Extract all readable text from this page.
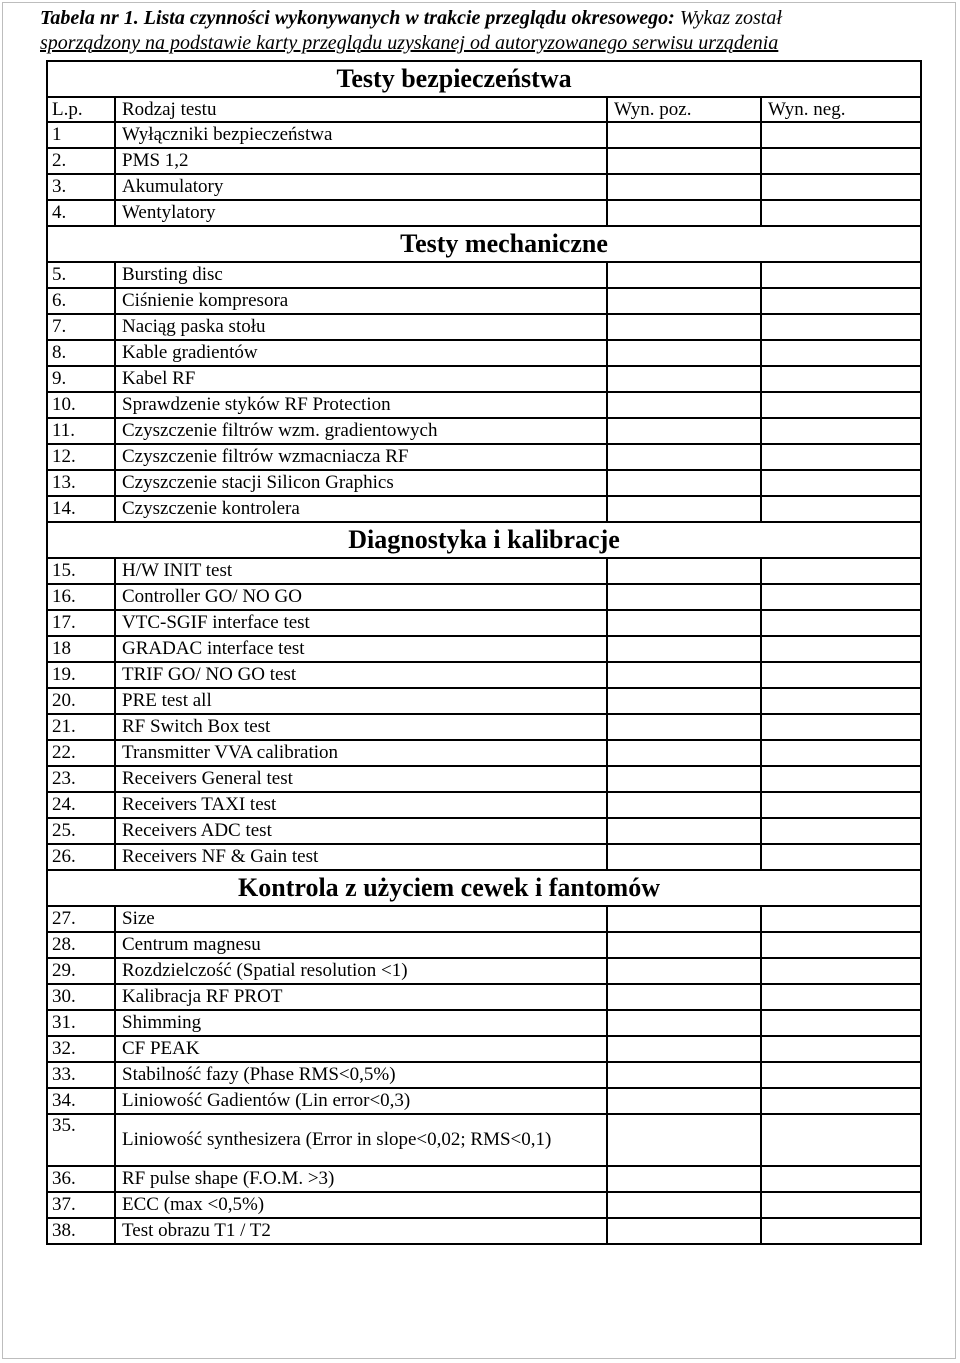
Tabela nr 1. Lista czynności wykonywanych w trakcie przeglądu okresowego: Wykaz został
sporządzony na podstawie karty przeglądu uzyskanej od autoryzowanego serwisu urządenia
Testy bezpieczeństwa			
L.p.	Rodzaj testu	Wyn. poz.	Wyn. neg.
1	Wyłączniki bezpieczeństwa		
2.	PMS 1,2		
3.	Akumulatory		
4.	Wentylatory		
Testy mechaniczne			
5.	Bursting disc		
6.	Ciśnienie kompresora		
7.	Naciąg paska stołu		
8.	Kable gradientów		
9.	Kabel RF		
10.	Sprawdzenie styków RF Protection		
11.	Czyszczenie filtrów wzm. gradientowych		
12.	Czyszczenie filtrów wzmacniacza RF		
13.	Czyszczenie stacji Silicon Graphics		
14.	Czyszczenie kontrolera		
Diagnostyka i kalibracje			
15.	H/W INIT test		
16.	Controller GO/ NO GO		
17.	VTC-SGIF interface test		
18	GRADAC interface test		
19.	TRIF GO/ NO GO test		
20.	PRE test all		
21.	RF Switch Box test		
22.	Transmitter VVA calibration		
23.	Receivers General test		
24.	Receivers TAXI test		
25.	Receivers ADC test		
26.	Receivers NF & Gain test		
Kontrola z użyciem cewek i fantomów			
27.	Size		
28.	Centrum magnesu		
29.	Rozdzielczość (Spatial resolution <1)		
30.	Kalibracja RF PROT		
31.	Shimming		
32.	CF PEAK		
33.	Stabilność fazy (Phase RMS<0,5%)		
34.	Liniowość Gadientów (Lin error<0,3)		
35.	Liniowość synthesizera (Error in slope<0,02; RMS<0,1)		
36.	RF pulse shape (F.O.M. >3)		
37.	ECC (max <0,5%)		
38.	Test obrazu T1 / T2		
